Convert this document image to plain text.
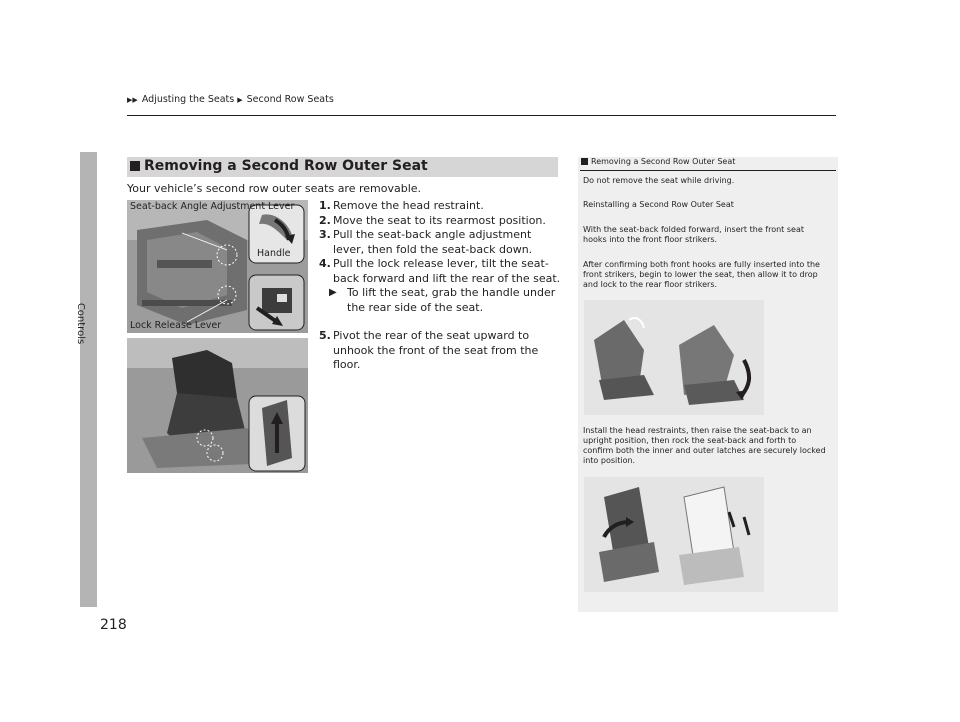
▶▶ Adjusting the Seats ▶ Second Row Seats
Controls
218
Removing a Second Row Outer Seat
Your vehicle’s second row outer seats are removable.
Seat-back Angle Adjustment Lever
Handle
Lock Release Lever
1. Remove the head restraint.
2. Move the seat to its rearmost position.
3. Pull the seat-back angle adjustment lever, then fold the seat-back down.
4. Pull the lock release lever, tilt the seat-back forward and lift the rear of the seat.
▶ To lift the seat, grab the handle under the rear side of the seat.
5. Pivot the rear of the seat upward to unhook the front of the seat from the floor.
Removing a Second Row Outer Seat
Do not remove the seat while driving.
Reinstalling a Second Row Outer Seat
With the seat-back folded forward, insert the front seat hooks into the front floor strikers.
After confirming both front hooks are fully inserted into the front strikers, begin to lower the seat, then allow it to drop and lock to the rear floor strikers.
Install the head restraints, then raise the seat-back to an upright position, then rock the seat-back and forth to confirm both the inner and outer latches are securely locked into position.
